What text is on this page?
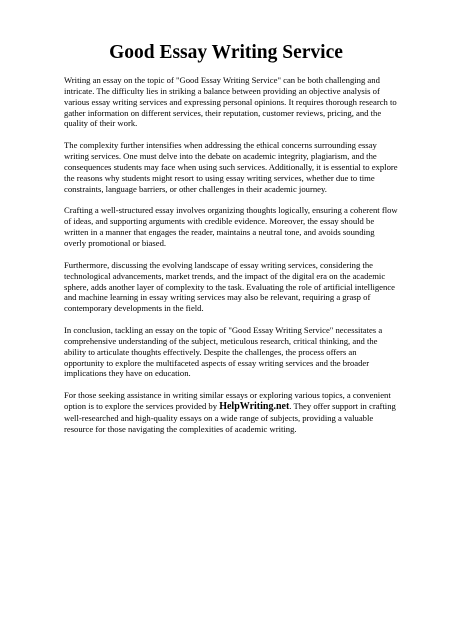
Good Essay Writing Service

Writing an essay on the topic of "Good Essay Writing Service" can be both challenging and intricate. The difficulty lies in striking a balance between providing an objective analysis of various essay writing services and expressing personal opinions. It requires thorough research to gather information on different services, their reputation, customer reviews, pricing, and the quality of their work.

The complexity further intensifies when addressing the ethical concerns surrounding essay writing services. One must delve into the debate on academic integrity, plagiarism, and the consequences students may face when using such services. Additionally, it is essential to explore the reasons why students might resort to using essay writing services, whether due to time constraints, language barriers, or other challenges in their academic journey.

Crafting a well-structured essay involves organizing thoughts logically, ensuring a coherent flow of ideas, and supporting arguments with credible evidence. Moreover, the essay should be written in a manner that engages the reader, maintains a neutral tone, and avoids sounding overly promotional or biased.

Furthermore, discussing the evolving landscape of essay writing services, considering the technological advancements, market trends, and the impact of the digital era on the academic sphere, adds another layer of complexity to the task. Evaluating the role of artificial intelligence and machine learning in essay writing services may also be relevant, requiring a grasp of contemporary developments in the field.

In conclusion, tackling an essay on the topic of "Good Essay Writing Service" necessitates a comprehensive understanding of the subject, meticulous research, critical thinking, and the ability to articulate thoughts effectively. Despite the challenges, the process offers an opportunity to explore the multifaceted aspects of essay writing services and the broader implications they have on education.

For those seeking assistance in writing similar essays or exploring various topics, a convenient option is to explore the services provided by HelpWriting.net. They offer support in crafting well-researched and high-quality essays on a wide range of subjects, providing a valuable resource for those navigating the complexities of academic writing.
